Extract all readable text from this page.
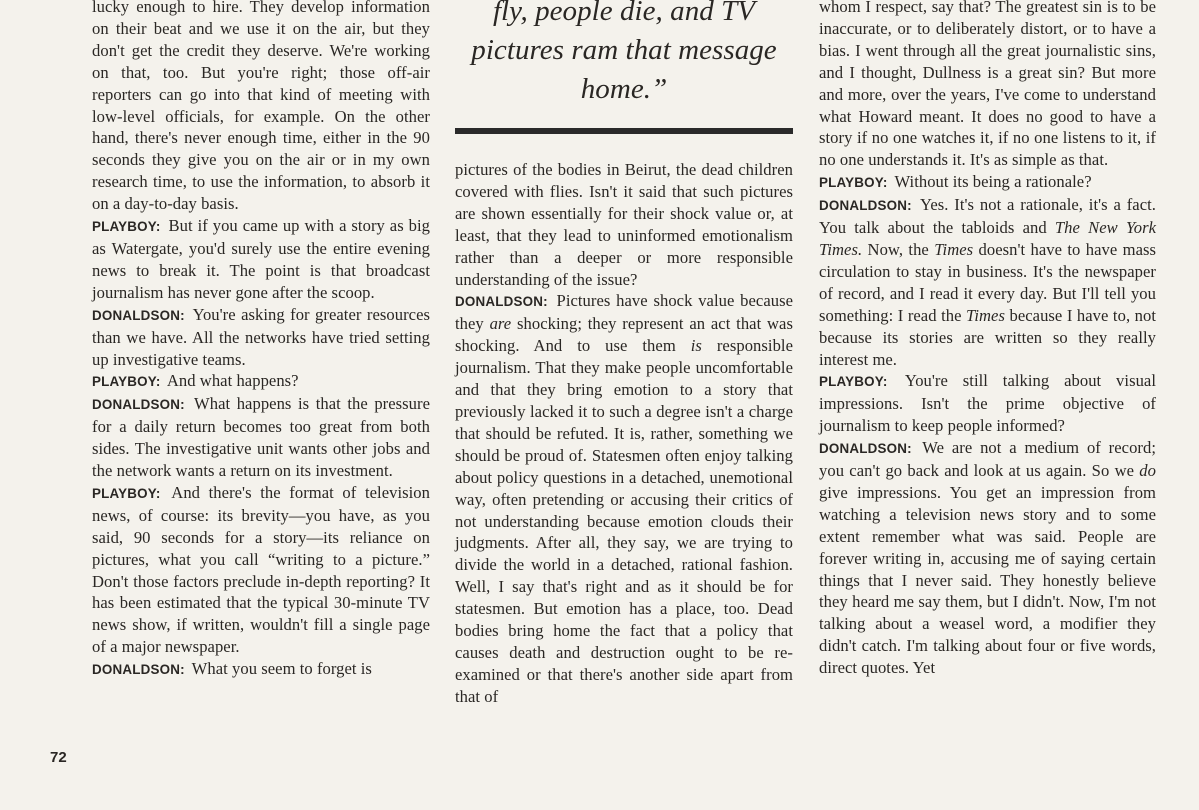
lucky enough to hire. They develop information on their beat and we use it on the air, but they don't get the credit they deserve. We're working on that, too. But you're right; those off-air reporters can go into that kind of meeting with low-level officials, for example. On the other hand, there's never enough time, either in the 90 seconds they give you on the air or in my own research time, to use the information, to absorb it on a day-to-day basis.

PLAYBOY: But if you came up with a story as big as Watergate, you'd surely use the entire evening news to break it. The point is that broadcast journalism has never gone after the scoop.

DONALDSON: You're asking for greater resources than we have. All the networks have tried setting up investigative teams.

PLAYBOY: And what happens?

DONALDSON: What happens is that the pressure for a daily return becomes too great from both sides. The investigative unit wants other jobs and the network wants a return on its investment.

PLAYBOY: And there's the format of television news, of course: its brevity—you have, as you said, 90 seconds for a story—its reliance on pictures, what you call “writing to a picture.” Don't those factors preclude in-depth reporting? It has been estimated that the typical 30-minute TV news show, if written, wouldn't fill a single page of a major newspaper.

DONALDSON: What you seem to forget is

fly, people die, and TV pictures ram that message home.”

pictures of the bodies in Beirut, the dead children covered with flies. Isn't it said that such pictures are shown essentially for their shock value or, at least, that they lead to uninformed emotionalism rather than a deeper or more responsible understanding of the issue?

DONALDSON: Pictures have shock value because they are shocking; they represent an act that was shocking. And to use them is responsible journalism. That they make people uncomfortable and that they bring emotion to a story that previously lacked it to such a degree isn't a charge that should be refuted. It is, rather, something we should be proud of. Statesmen often enjoy talking about policy questions in a detached, unemotional way, often pretending or accusing their critics of not understanding because emotion clouds their judgments. After all, they say, we are trying to divide the world in a detached, rational fashion. Well, I say that's right and as it should be for statesmen. But emotion has a place, too. Dead bodies bring home the fact that a policy that causes death and destruction ought to be re-examined or that there's another side apart from that of

whom I respect, say that? The greatest sin is to be inaccurate, or to deliberately distort, or to have a bias. I went through all the great journalistic sins, and I thought, Dullness is a great sin? But more and more, over the years, I've come to understand what Howard meant. It does no good to have a story if no one watches it, if no one listens to it, if no one understands it. It's as simple as that.

PLAYBOY: Without its being a rationale?

DONALDSON: Yes. It's not a rationale, it's a fact. You talk about the tabloids and The New York Times. Now, the Times doesn't have to have mass circulation to stay in business. It's the newspaper of record, and I read it every day. But I'll tell you something: I read the Times because I have to, not because its stories are written so they really interest me.

PLAYBOY: You're still talking about visual impressions. Isn't the prime objective of journalism to keep people informed?

DONALDSON: We are not a medium of record; you can't go back and look at us again. So we do give impressions. You get an impression from watching a television news story and to some extent remember what was said. People are forever writing in, accusing me of saying certain things that I never said. They honestly believe they heard me say them, but I didn't. Now, I'm not talking about a weasel word, a modifier they didn't catch. I'm talking about four or five words, direct quotes. Yet

72
